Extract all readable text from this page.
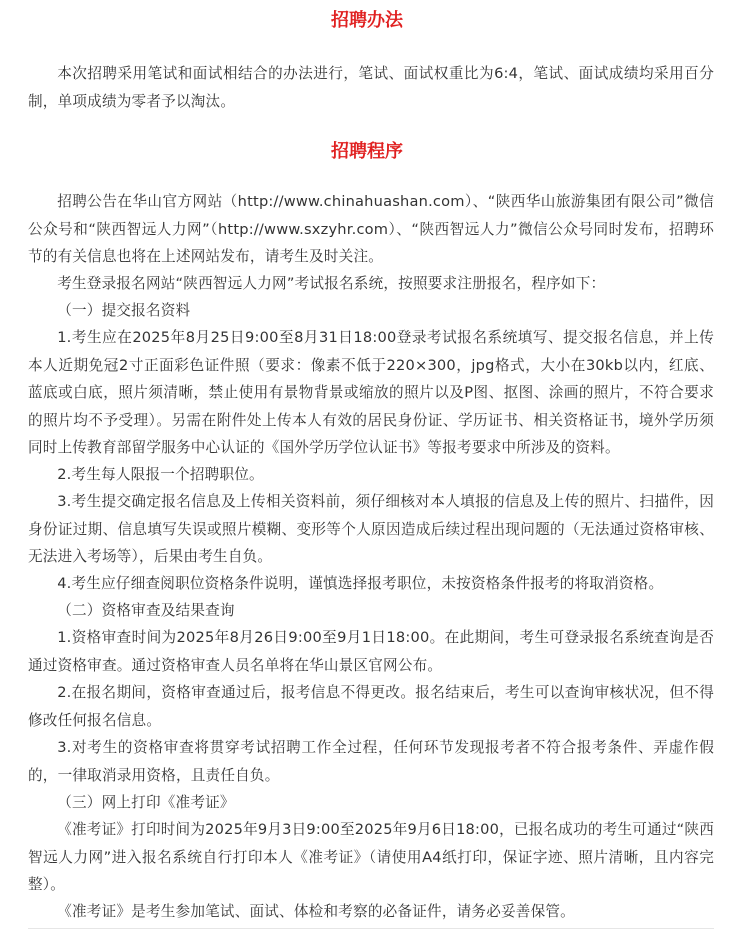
招聘办法

本次招聘采用笔试和面试相结合的办法进行，笔试、面试权重比为6:4，笔试、面试成绩均采用百分制，单项成绩为零者予以淘汰。

招聘程序

招聘公告在华山官方网站（http://www.chinahuashan.com）、“陕西华山旅游集团有限公司”微信公众号和“陕西智远人力网”（http://www.sxzyhr.com）、“陕西智远人力”微信公众号同时发布，招聘环节的有关信息也将在上述网站发布，请考生及时关注。

考生登录报名网站“陕西智远人力网”考试报名系统，按照要求注册报名，程序如下：

（一）提交报名资料

1.考生应在2025年8月25日9:00至8月31日18:00登录考试报名系统填写、提交报名信息，并上传本人近期免冠2寸正面彩色证件照（要求：像素不低于220×300，jpg格式，大小在30kb以内，红底、蓝底或白底，照片须清晰，禁止使用有景物背景或缩放的照片以及P图、抠图、涂画的照片，不符合要求的照片均不予受理）。另需在附件处上传本人有效的居民身份证、学历证书、相关资格证书，境外学历须同时上传教育部留学服务中心认证的《国外学历学位认证书》等报考要求中所涉及的资料。

2.考生每人限报一个招聘职位。

3.考生提交确定报名信息及上传相关资料前，须仔细核对本人填报的信息及上传的照片、扫描件，因身份证过期、信息填写失误或照片模糊、变形等个人原因造成后续过程出现问题的（无法通过资格审核、无法进入考场等），后果由考生自负。

4.考生应仔细查阅职位资格条件说明，谨慎选择报考职位，未按资格条件报考的将取消资格。

（二）资格审查及结果查询

1.资格审查时间为2025年8月26日9:00至9月1日18:00。在此期间，考生可登录报名系统查询是否通过资格审查。通过资格审查人员名单将在华山景区官网公布。

2.在报名期间，资格审查通过后，报考信息不得更改。报名结束后，考生可以查询审核状况，但不得修改任何报名信息。

3.对考生的资格审查将贯穿考试招聘工作全过程，任何环节发现报考者不符合报考条件、弄虚作假的，一律取消录用资格，且责任自负。

（三）网上打印《准考证》

《准考证》打印时间为2025年9月3日9:00至2025年9月6日18:00，已报名成功的考生可通过“陕西智远人力网”进入报名系统自行打印本人《准考证》（请使用A4纸打印，保证字迹、照片清晰，且内容完整）。

《准考证》是考生参加笔试、面试、体检和考察的必备证件，请务必妥善保管。
